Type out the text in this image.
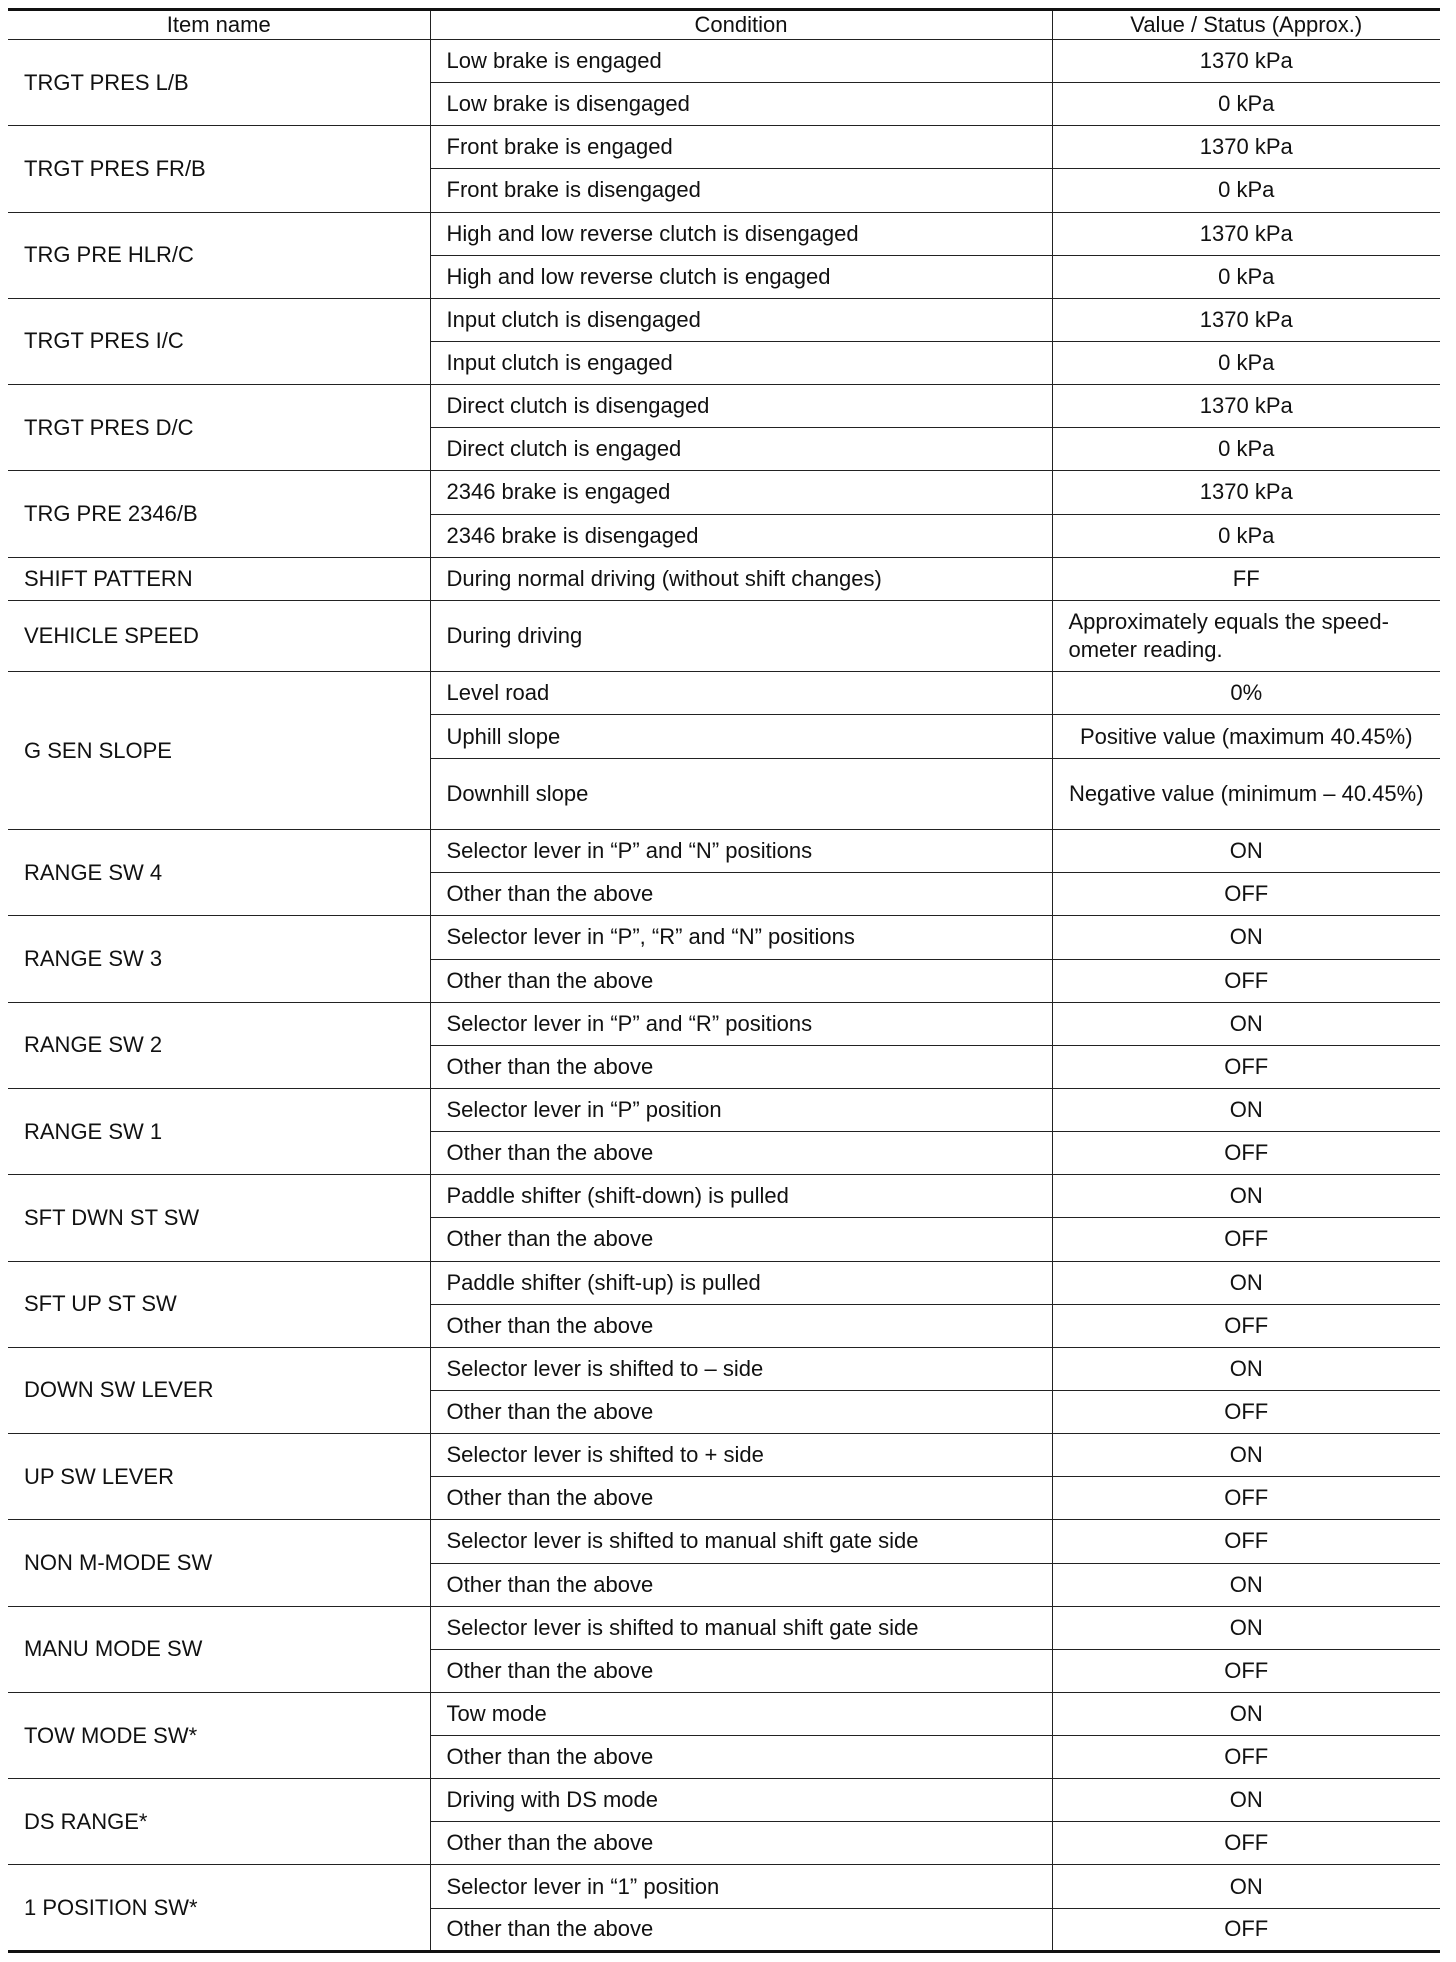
Item name	Condition	Value / Status (Approx.)
TRGT PRES L/B	Low brake is engaged	1370 kPa
	Low brake is disengaged	0 kPa
TRGT PRES FR/B	Front brake is engaged	1370 kPa
	Front brake is disengaged	0 kPa
TRG PRE HLR/C	High and low reverse clutch is disengaged	1370 kPa
	High and low reverse clutch is engaged	0 kPa
TRGT PRES I/C	Input clutch is disengaged	1370 kPa
	Input clutch is engaged	0 kPa
TRGT PRES D/C	Direct clutch is disengaged	1370 kPa
	Direct clutch is engaged	0 kPa
TRG PRE 2346/B	2346 brake is engaged	1370 kPa
	2346 brake is disengaged	0 kPa
SHIFT PATTERN	During normal driving (without shift changes)	FF
VEHICLE SPEED	During driving	Approximately equals the speed-ometer reading.
G SEN SLOPE	Level road	0%
	Uphill slope	Positive value (maximum 40.45%)
	Downhill slope	Negative value (minimum – 40.45%)
RANGE SW 4	Selector lever in “P” and “N” positions	ON
	Other than the above	OFF
RANGE SW 3	Selector lever in “P”, “R” and “N” positions	ON
	Other than the above	OFF
RANGE SW 2	Selector lever in “P” and “R” positions	ON
	Other than the above	OFF
RANGE SW 1	Selector lever in “P” position	ON
	Other than the above	OFF
SFT DWN ST SW	Paddle shifter (shift-down) is pulled	ON
	Other than the above	OFF
SFT UP ST SW	Paddle shifter (shift-up) is pulled	ON
	Other than the above	OFF
DOWN SW LEVER	Selector lever is shifted to – side	ON
	Other than the above	OFF
UP SW LEVER	Selector lever is shifted to + side	ON
	Other than the above	OFF
NON M-MODE SW	Selector lever is shifted to manual shift gate side	OFF
	Other than the above	ON
MANU MODE SW	Selector lever is shifted to manual shift gate side	ON
	Other than the above	OFF
TOW MODE SW*	Tow mode	ON
	Other than the above	OFF
DS RANGE*	Driving with DS mode	ON
	Other than the above	OFF
1 POSITION SW*	Selector lever in “1” position	ON
	Other than the above	OFF
